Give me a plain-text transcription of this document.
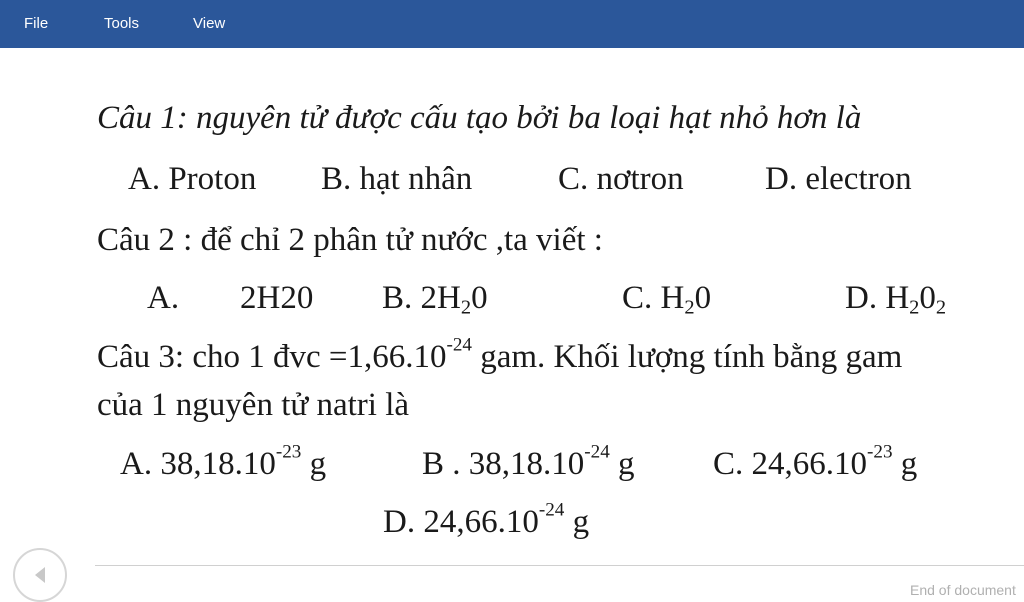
File	Tools	View
Câu 1: nguyên tử được cấu tạo bởi ba loại hạt nhỏ hơn là
A. Proton B. hạt nhân	C. nơtron D. electron
Câu 2 : để chỉ 2 phân tử nước ,ta viết :
A. 2H20 B. $2H_20$	C. $H_20$	D. $H_20_2$
Câu 3: cho 1 đvc $=1,66.10^{-24}$ gam. Khối lượng tính bằng gam
của 1 nguyên tử natri là
A. $38,18.10^{-23}$ g	B . $38,18.10^{-24}$ g C. $24,66.10^{-23}$ g
D. $24,66.10^{-24}$ g
End of document
